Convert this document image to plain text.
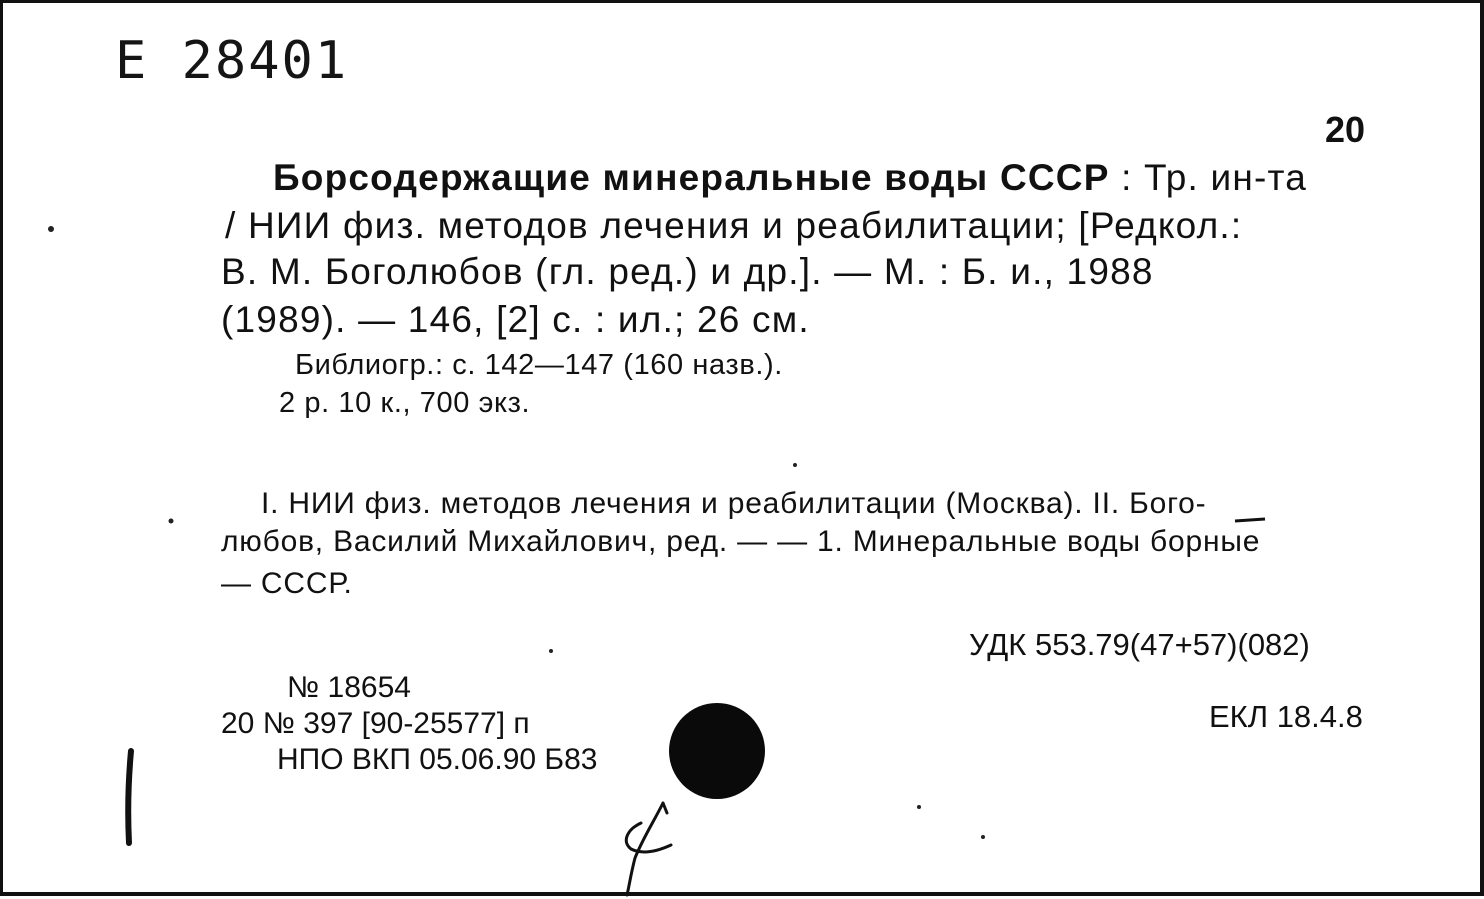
E 28401
20
Борсодержащие минеральные воды СССР : Тр. ин-та
/ НИИ физ. методов лечения и реабилитации; [Редкол.:
В. М. Боголюбов (гл. ред.) и др.]. — М. : Б. и., 1988
(1989). — 146, [2] с. : ил.; 26 см.
Библиогр.: с. 142—147 (160 назв.).
2 р. 10 к., 700 экз.
I. НИИ физ. методов лечения и реабилитации (Москва). II. Бого-
любов, Василий Михайлович, ред. — — 1. Минеральные воды борные
— СССР.
УДК 553.79(47+57)(082)
ЕКЛ 18.4.8
№ 18654
20 № 397 [90-25577] п
НПО ВКП 05.06.90 Б83
